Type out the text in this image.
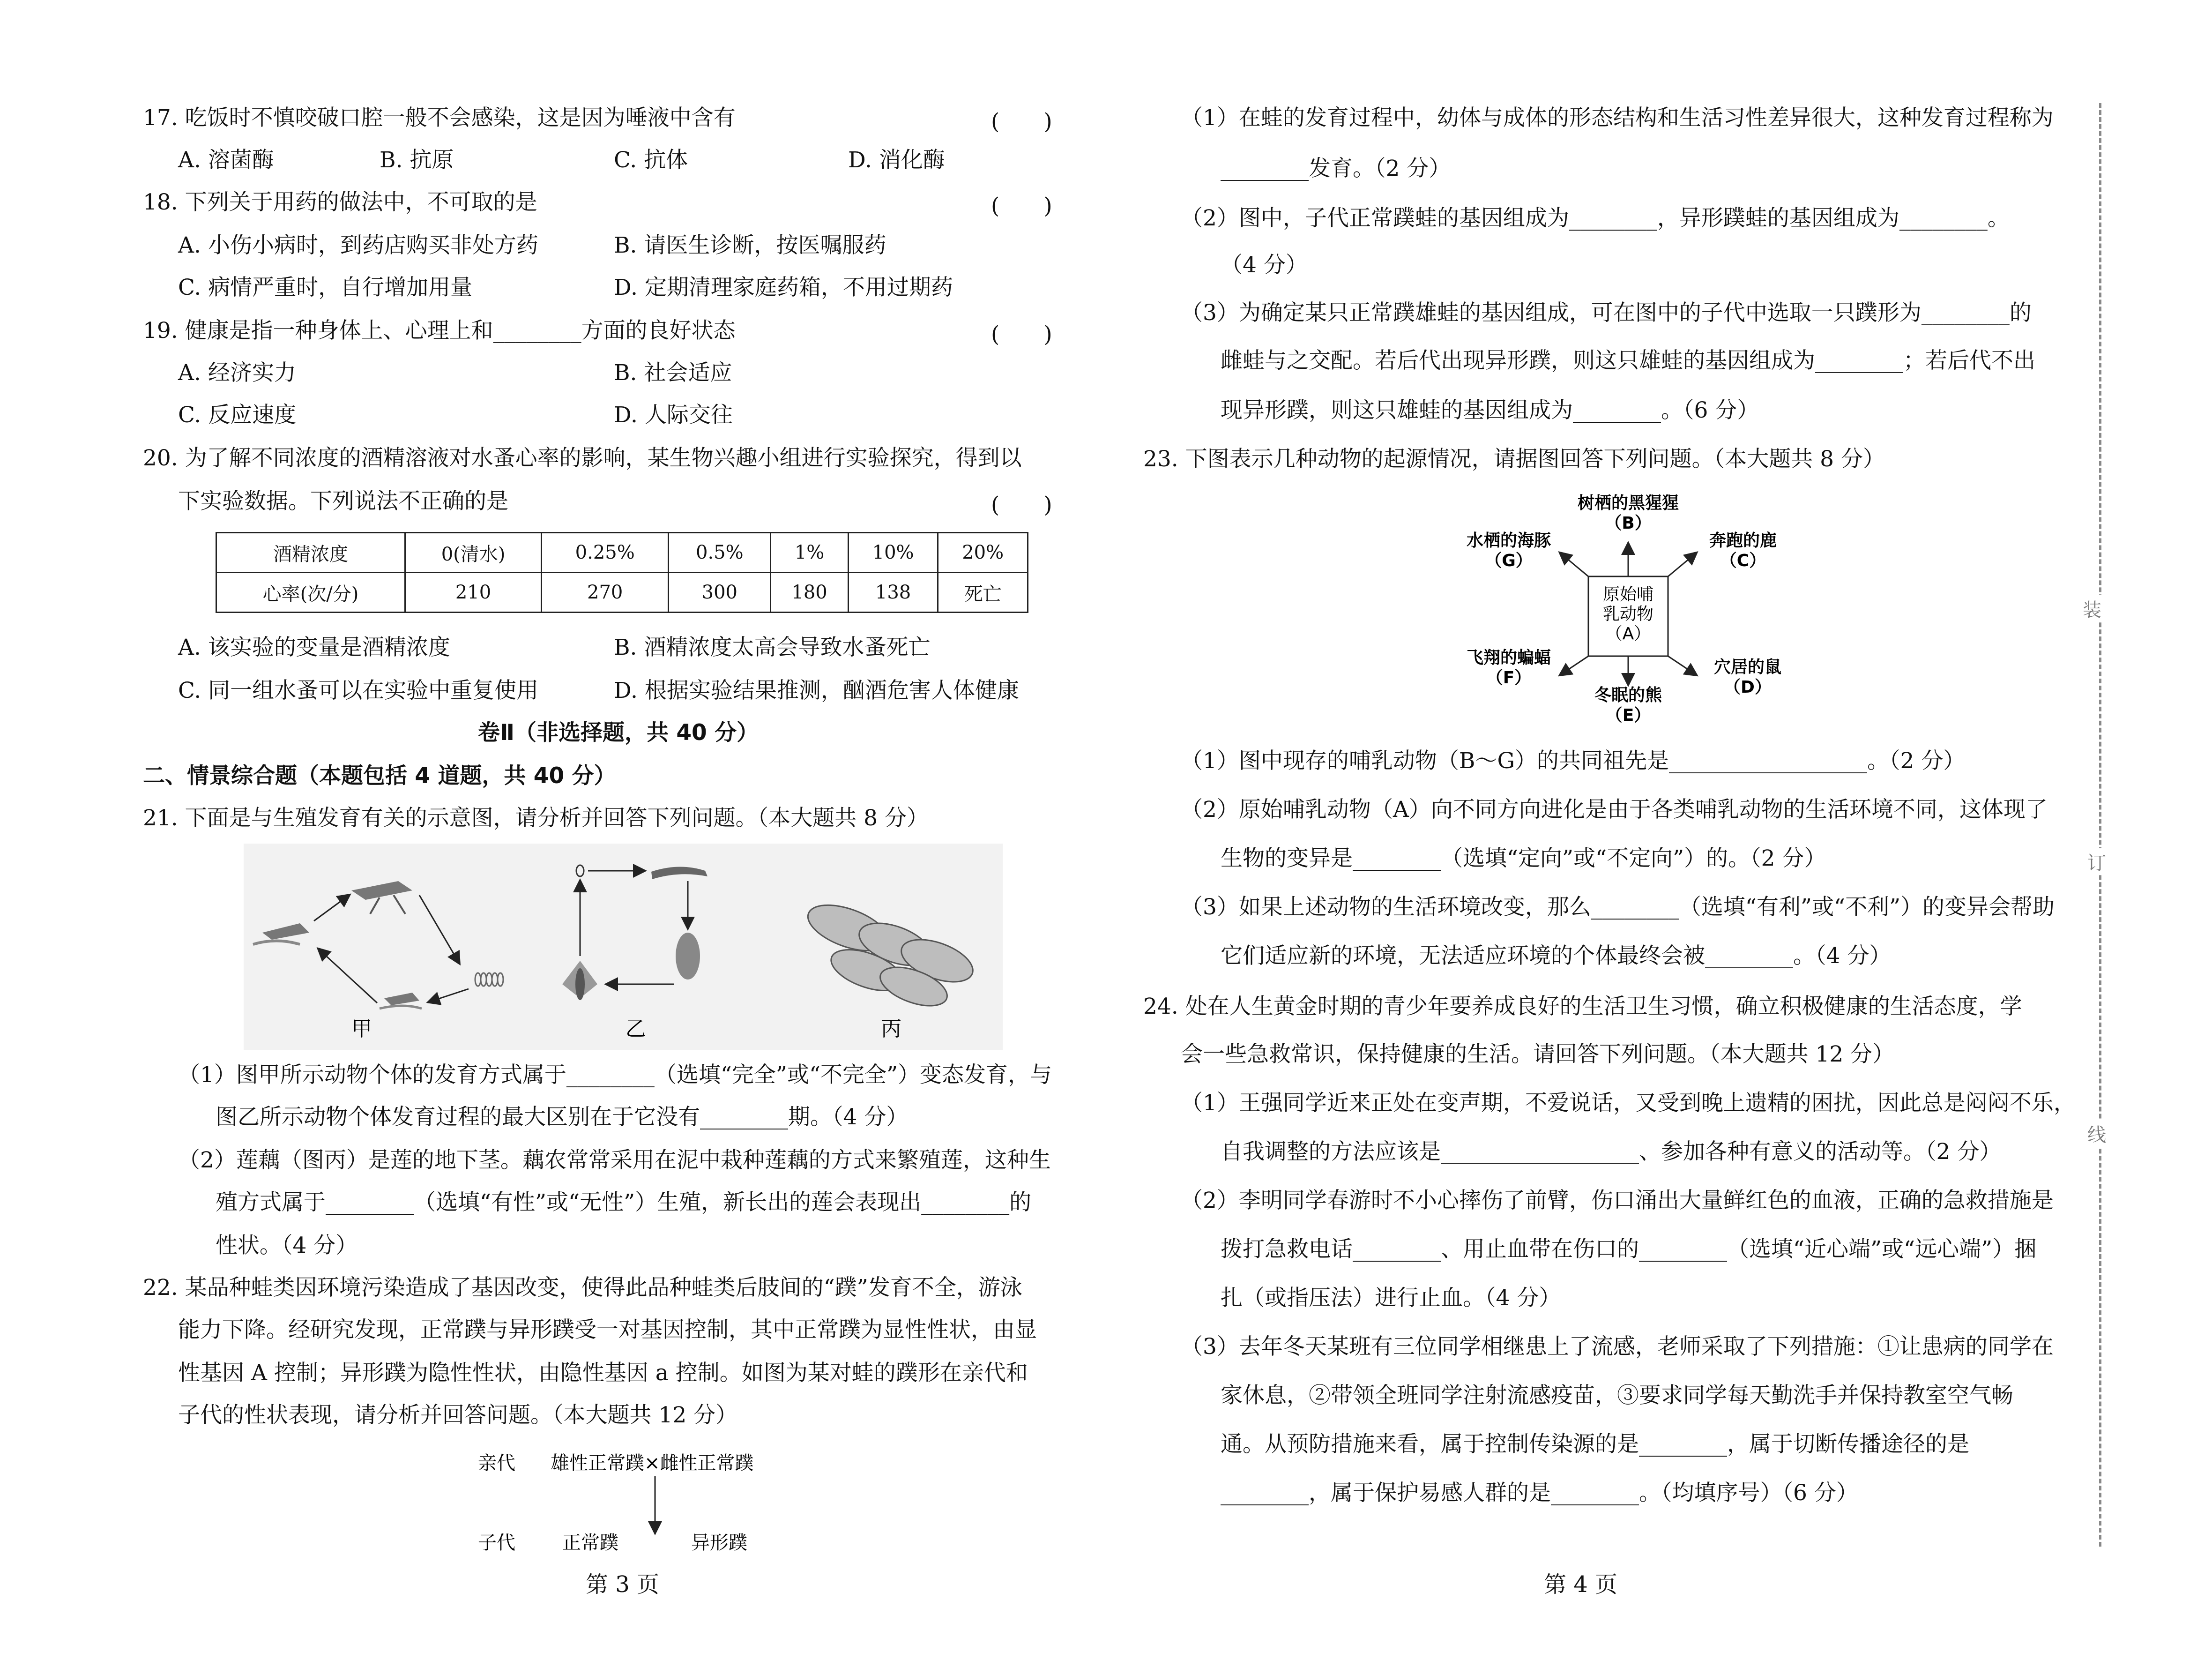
17. 吃饭时不慎咬破口腔一般不会感染，这是因为唾液中含有	(　　)
A. 溶菌酶	B. 抗原	C. 抗体	D. 消化酶
18. 下列关于用药的做法中，不可取的是	(　　)
A. 小伤小病时，到药店购买非处方药	B. 请医生诊断，按医嘱服药
C. 病情严重时，自行增加用量	D. 定期清理家庭药箱，不用过期药
19. 健康是指一种身体上、心理上和________方面的良好状态	(　　)
A. 经济实力	B. 社会适应
C. 反应速度	D. 人际交往
20. 为了解不同浓度的酒精溶液对水蚤心率的影响，某生物兴趣小组进行实验探究，得到以
下实验数据。下列说法不正确的是	(　　)
酒精浓度	0(清水)	0.25%	0.5%	1%	10%	20%
心率(次/分)	210	270	300	180	138	死亡
A. 该实验的变量是酒精浓度	B. 酒精浓度太高会导致水蚤死亡
C. 同一组水蚤可以在实验中重复使用	D. 根据实验结果推测，酗酒危害人体健康
卷Ⅱ（非选择题，共 40 分）
二、情景综合题（本题包括 4 道题，共 40 分）
21. 下面是与生殖发育有关的示意图，请分析并回答下列问题。（本大题共 8 分）
甲	乙	丙
（1）图甲所示动物个体的发育方式属于________（选填“完全”或“不完全”）变态发育，与
图乙所示动物个体发育过程的最大区别在于它没有________期。（4 分）
（2）莲藕（图丙）是莲的地下茎。藕农常常采用在泥中栽种莲藕的方式来繁殖莲，这种生
殖方式属于________（选填“有性”或“无性”）生殖，新长出的莲会表现出________的
性状。（4 分）
22. 某品种蛙类因环境污染造成了基因改变，使得此品种蛙类后肢间的“蹼”发育不全，游泳
能力下降。经研究发现，正常蹼与异形蹼受一对基因控制，其中正常蹼为显性性状，由显
性基因 A 控制；异形蹼为隐性性状，由隐性基因 a 控制。如图为某对蛙的蹼形在亲代和
子代的性状表现，请分析并回答问题。（本大题共 12 分）
亲代 雄性正常蹼×雌性正常蹼
子代	正常蹼	异形蹼
第 3 页
（1）在蛙的发育过程中，幼体与成体的形态结构和生活习性差异很大，这种发育过程称为
________发育。（2 分）
（2）图中，子代正常蹼蛙的基因组成为________，异形蹼蛙的基因组成为________。
（4 分）
（3）为确定某只正常蹼雄蛙的基因组成，可在图中的子代中选取一只蹼形为________的
雌蛙与之交配。若后代出现异形蹼，则这只雄蛙的基因组成为________；若后代不出
现异形蹼，则这只雄蛙的基因组成为________。（6 分）
23. 下图表示几种动物的起源情况，请据图回答下列问题。（本大题共 8 分）
原始哺
乳动物
（A）
树栖的黑猩猩
（B）
奔跑的鹿
（C）
穴居的鼠
（D）
冬眠的熊
（E）
飞翔的蝙蝠
（F）
水栖的海豚
（G）
（1）图中现存的哺乳动物（B～G）的共同祖先是__________________。（2 分）
（2）原始哺乳动物（A）向不同方向进化是由于各类哺乳动物的生活环境不同，这体现了
生物的变异是________（选填“定向”或“不定向”）的。（2 分）
（3）如果上述动物的生活环境改变，那么________（选填“有利”或“不利”）的变异会帮助
它们适应新的环境，无法适应环境的个体最终会被________。（4 分）
24. 处在人生黄金时期的青少年要养成良好的生活卫生习惯，确立积极健康的生活态度，学
会一些急救常识，保持健康的生活。请回答下列问题。（本大题共 12 分）
（1）王强同学近来正处在变声期，不爱说话，又受到晚上遗精的困扰，因此总是闷闷不乐，
自我调整的方法应该是__________________、参加各种有意义的活动等。（2 分）
（2）李明同学春游时不小心摔伤了前臂，伤口涌出大量鲜红色的血液，正确的急救措施是
拨打急救电话________、用止血带在伤口的________（选填“近心端”或“远心端”）捆
扎（或指压法）进行止血。（4 分）
（3）去年冬天某班有三位同学相继患上了流感，老师采取了下列措施：①让患病的同学在
家休息，②带领全班同学注射流感疫苗，③要求同学每天勤洗手并保持教室空气畅
通。从预防措施来看，属于控制传染源的是________，属于切断传播途径的是
________，属于保护易感人群的是________。（均填序号）（6 分）
第 4 页
装
订
线
